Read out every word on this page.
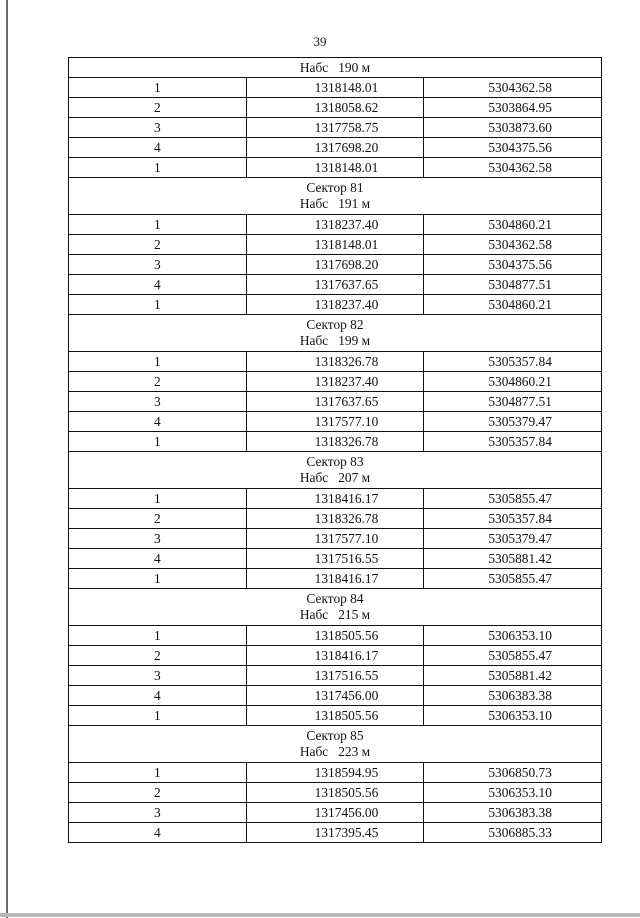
39
Набс   190 м		
1	1318148.01	5304362.58
2	1318058.62	5303864.95
3	1317758.75	5303873.60
4	1317698.20	5304375.56
1	1318148.01	5304362.58

Сектор 81
Набс   191 м		

1	1318237.40	5304860.21
2	1318148.01	5304362.58
3	1317698.20	5304375.56
4	1317637.65	5304877.51
1	1318237.40	5304860.21

Сектор 82
Набс   199 м		

1	1318326.78	5305357.84
2	1318237.40	5304860.21
3	1317637.65	5304877.51
4	1317577.10	5305379.47
1	1318326.78	5305357.84

Сектор 83
Набс   207 м		

1	1318416.17	5305855.47
2	1318326.78	5305357.84
3	1317577.10	5305379.47
4	1317516.55	5305881.42
1	1318416.17	5305855.47

Сектор 84
Набс   215 м		

1	1318505.56	5306353.10
2	1318416.17	5305855.47
3	1317516.55	5305881.42
4	1317456.00	5306383.38
1	1318505.56	5306353.10

Сектор 85
Набс   223 м		

1	1318594.95	5306850.73
2	1318505.56	5306353.10
3	1317456.00	5306383.38
4	1317395.45	5306885.33
